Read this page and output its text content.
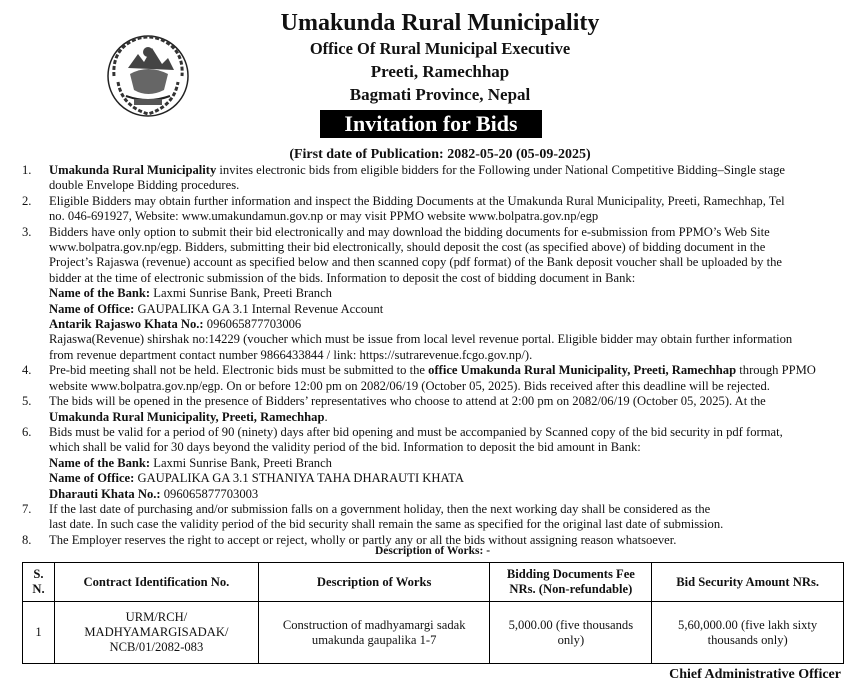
Umakunda Rural Municipality
Office Of Rural Municipal Executive
Preeti, Ramechhap
Bagmati Province, Nepal
Invitation for Bids
(First date of Publication: 2082-05-20 (05-09-2025)
1.	Umakunda Rural Municipality invites electronic bids from eligible bidders for the Following under National Competitive Bidding–Single stage
double Envelope Bidding procedures.
2.	Eligible Bidders may obtain further information and inspect the Bidding Documents at the Umakunda Rural Municipality, Preeti, Ramechhap, Tel
no. 046-691927, Website: www.umakundamun.gov.np or may visit PPMO website www.bolpatra.gov.np/egp
3.	Bidders have only option to submit their bid electronically and may download the bidding documents for e-submission from PPMO’s Web Site
www.bolpatra.gov.np/egp. Bidders, submitting their bid electronically, should deposit the cost (as specified above) of bidding document in the
Project’s Rajaswa (revenue) account as specified below and then scanned copy (pdf format) of the Bank deposit voucher shall be uploaded by the
bidder at the time of electronic submission of the bids. Information to deposit the cost of bidding document in Bank:
Name of the Bank: Laxmi Sunrise Bank, Preeti Branch
Name of Office: GAUPALIKA GA 3.1 Internal Revenue Account
Antarik Rajaswo Khata No.: 096065877703006
Rajaswa(Revenue) shirshak no:14229 (voucher which must be issue from local level revenue portal. Eligible bidder may obtain further information
from revenue department contact number 9866433844 / link: https://sutrarevenue.fcgo.gov.np/).
4.	Pre-bid meeting shall not be held. Electronic bids must be submitted to the office Umakunda Rural Municipality, Preeti, Ramechhap through PPMO
website www.bolpatra.gov.np/egp. On or before 12:00 pm on 2082/06/19 (October 05, 2025). Bids received after this deadline will be rejected.
5.	The bids will be opened in the presence of Bidders’ representatives who choose to attend at 2:00 pm on 2082/06/19 (October 05, 2025). At the
Umakunda Rural Municipality, Preeti, Ramechhap.
6.	Bids must be valid for a period of 90 (ninety) days after bid opening and must be accompanied by Scanned copy of the bid security in pdf format,
which shall be valid for 30 days beyond the validity period of the bid. Information to deposit the bid amount in Bank:
Name of the Bank: Laxmi Sunrise Bank, Preeti Branch
Name of Office: GAUPALIKA GA 3.1 STHANIYA TAHA DHARAUTI KHATA
Dharauti Khata No.: 096065877703003
7.	If the last date of purchasing and/or submission falls on a government holiday, then the next working day shall be considered as the
last date. In such case the validity period of the bid security shall remain the same as specified for the original last date of submission.
8.	The Employer reserves the right to accept or reject, wholly or partly any or all the bids without assigning reason whatsoever.
Description of Works: -
S. N.	Contract Identification No.	Description of Works	Bidding Documents Fee NRs. (Non-refundable)	Bid Security Amount NRs.
1	URM/RCH/ MADHYAMARGISADAK/ NCB/01/2082-083	Construction of madhyamargi sadak umakunda gaupalika 1-7	5,000.00 (five thousands only)	5,60,000.00 (five lakh sixty thousands only)
Chief Administrative Officer
